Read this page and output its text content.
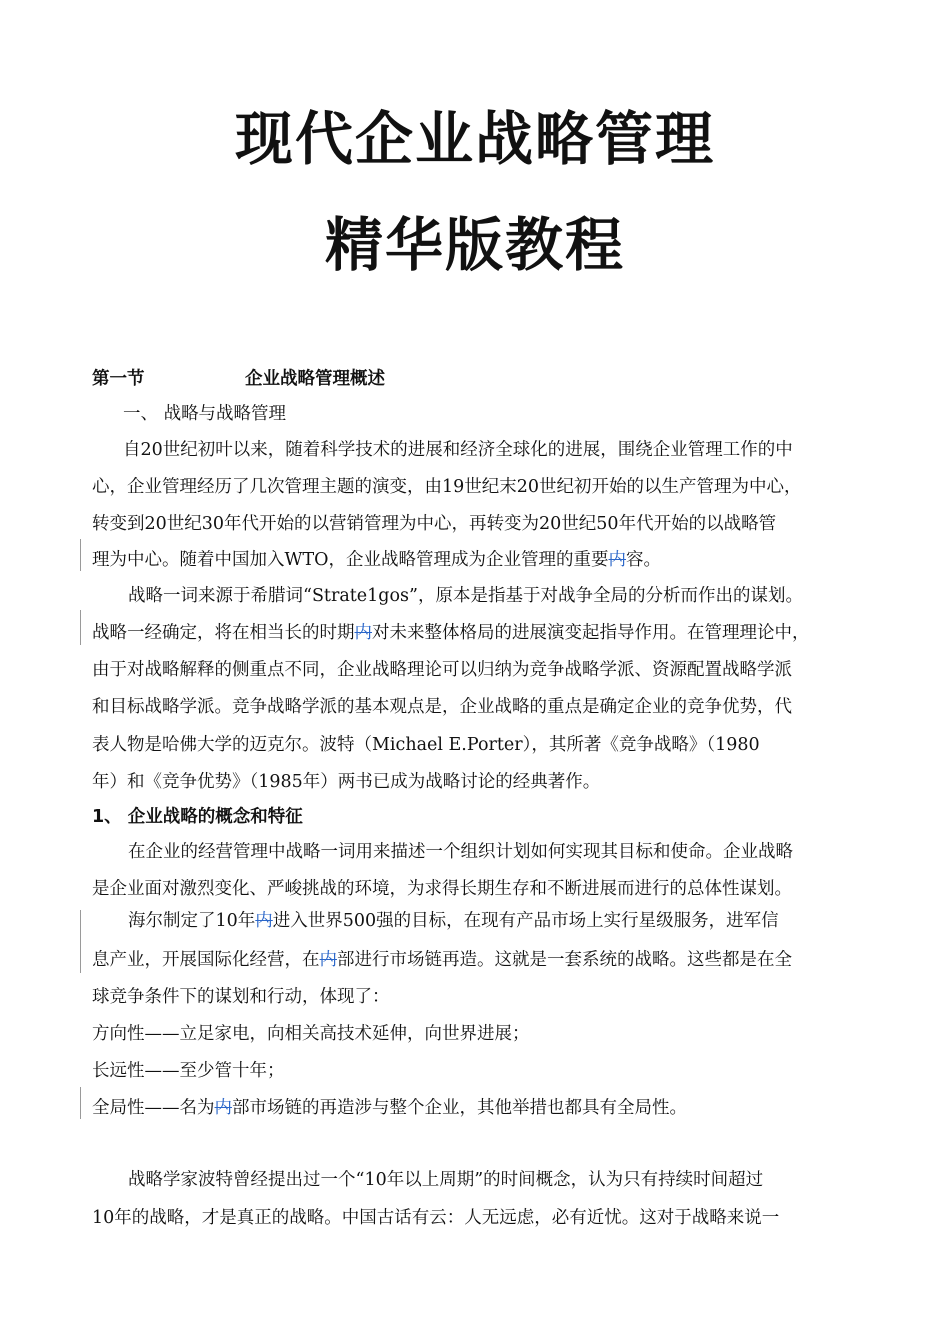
现代企业战略管理
精华版教程
第一节	企业战略管理概述
一、 战略与战略管理
自20世纪初叶以来，随着科学技术的进展和经济全球化的进展，围绕企业管理工作的中
心，企业管理经历了几次管理主题的演变，由19世纪末20世纪初开始的以生产管理为中心，
转变到20世纪30年代开始的以营销管理为中心，再转变为20世纪50年代开始的以战略管
理为中心。随着中国加入WTO，企业战略管理成为企业管理的重要内容。
战略一词来源于希腊词“Strate1gos”，原本是指基于对战争全局的分析而作出的谋划。
战略一经确定，将在相当长的时期内对未来整体格局的进展演变起指导作用。在管理理论中，
由于对战略解释的侧重点不同，企业战略理论可以归纳为竞争战略学派、资源配置战略学派
和目标战略学派。竞争战略学派的基本观点是，企业战略的重点是确定企业的竞争优势，代
表人物是哈佛大学的迈克尔。波特（Michael E.Porter），其所著《竞争战略》（1980
年）和《竞争优势》（1985年）两书已成为战略讨论的经典著作。
1、 企业战略的概念和特征
在企业的经营管理中战略一词用来描述一个组织计划如何实现其目标和使命。企业战略
是企业面对激烈变化、严峻挑战的环境，为求得长期生存和不断进展而进行的总体性谋划。
海尔制定了10年内进入世界500强的目标，在现有产品市场上实行星级服务，进军信
息产业，开展国际化经营，在内部进行市场链再造。这就是一套系统的战略。这些都是在全
球竞争条件下的谋划和行动，体现了：
方向性——立足家电，向相关高技术延伸，向世界进展；
长远性——至少管十年；
全局性——名为内部市场链的再造涉与整个企业，其他举措也都具有全局性。
战略学家波特曾经提出过一个“10年以上周期”的时间概念，认为只有持续时间超过
10年的战略，才是真正的战略。中国古话有云：人无远虑，必有近忧。这对于战略来说一
